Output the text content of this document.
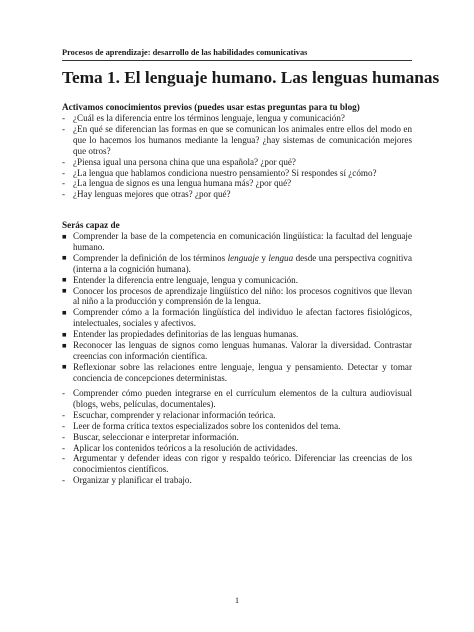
Procesos de aprendizaje: desarrollo de las habilidades comunicativas
Tema 1. El lenguaje humano. Las lenguas humanas
Activamos conocimientos previos (puedes usar estas preguntas para tu blog)
- ¿Cuál es la diferencia entre los términos lenguaje, lengua y comunicación?
- ¿En qué se diferencian las formas en que se comunican los animales entre ellos del modo en que lo hacemos los humanos mediante la lengua? ¿hay sistemas de comunicación mejores que otros?
- ¿Piensa igual una persona china que una española? ¿por qué?
- ¿La lengua que hablamos condiciona nuestro pensamiento? Si respondes sí ¿cómo?
- ¿La lengua de signos es una lengua humana más? ¿por qué?
- ¿Hay lenguas mejores que otras? ¿por qué?
Serás capaz de
■ Comprender la base de la competencia en comunicación lingüística: la facultad del lenguaje humano.
■ Comprender la definición de los términos lenguaje y lengua desde una perspectiva cognitiva (interna a la cognición humana).
■ Entender la diferencia entre lenguaje, lengua y comunicación.
■ Conocer los procesos de aprendizaje lingüístico del niño: los procesos cognitivos que llevan al niño a la producción y comprensión de la lengua.
■ Comprender cómo a la formación lingüística del individuo le afectan factores fisiológicos, intelectuales, sociales y afectivos.
■ Entender las propiedades definitorias de las lenguas humanas.
■ Reconocer las lenguas de signos como lenguas humanas. Valorar la diversidad. Contrastar creencias con información científica.
■ Reflexionar sobre las relaciones entre lenguaje, lengua y pensamiento. Detectar y tomar conciencia de concepciones deterministas.
- Comprender cómo pueden integrarse en el currículum elementos de la cultura audiovisual (blogs, webs, películas, documentales).
- Escuchar, comprender y relacionar información teórica.
- Leer de forma crítica textos especializados sobre los contenidos del tema.
- Buscar, seleccionar e interpretar información.
- Aplicar los contenidos teóricos a la resolución de actividades.
- Argumentar y defender ideas con rigor y respaldo teórico. Diferenciar las creencias de los conocimientos científicos.
- Organizar y planificar el trabajo.
1
